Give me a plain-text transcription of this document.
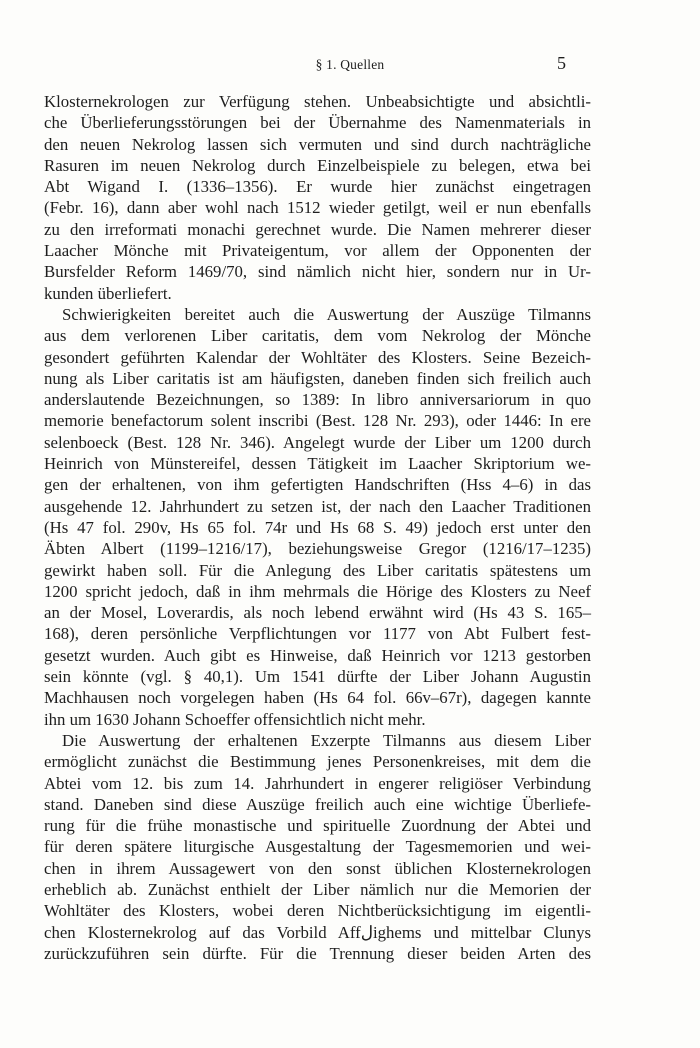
§ 1. Quellen	5
Klosternekrologen zur Verfügung stehen. Unbeabsichtigte und absichtli-
che Überlieferungsstörungen bei der Übernahme des Namenmaterials in
den neuen Nekrolog lassen sich vermuten und sind durch nachträgliche
Rasuren im neuen Nekrolog durch Einzelbeispiele zu belegen, etwa bei
Abt Wigand I. (1336–1356). Er wurde hier zunächst eingetragen
(Febr. 16), dann aber wohl nach 1512 wieder getilgt, weil er nun ebenfalls
zu den irreformati monachi gerechnet wurde. Die Namen mehrerer dieser
Laacher Mönche mit Privateigentum, vor allem der Opponenten der
Bursfelder Reform 1469/70, sind nämlich nicht hier, sondern nur in Ur-
kunden überliefert.
Schwierigkeiten bereitet auch die Auswertung der Auszüge Tilmanns
aus dem verlorenen Liber caritatis, dem vom Nekrolog der Mönche
gesondert geführten Kalendar der Wohltäter des Klosters. Seine Bezeich-
nung als Liber caritatis ist am häufigsten, daneben finden sich freilich auch
anderslautende Bezeichnungen, so 1389: In libro anniversariorum in quo
memorie benefactorum solent inscribi (Best. 128 Nr. 293), oder 1446: In ere
selenboeck (Best. 128 Nr. 346). Angelegt wurde der Liber um 1200 durch
Heinrich von Münstereifel, dessen Tätigkeit im Laacher Skriptorium we-
gen der erhaltenen, von ihm gefertigten Handschriften (Hss 4–6) in das
ausgehende 12. Jahrhundert zu setzen ist, der nach den Laacher Traditionen
(Hs 47 fol. 290v, Hs 65 fol. 74r und Hs 68 S. 49) jedoch erst unter den
Äbten Albert (1199–1216/17), beziehungsweise Gregor (1216/17–1235)
gewirkt haben soll. Für die Anlegung des Liber caritatis spätestens um
1200 spricht jedoch, daß in ihm mehrmals die Hörige des Klosters zu Neef
an der Mosel, Loverardis, als noch lebend erwähnt wird (Hs 43 S. 165–
168), deren persönliche Verpflichtungen vor 1177 von Abt Fulbert fest-
gesetzt wurden. Auch gibt es Hinweise, daß Heinrich vor 1213 gestorben
sein könnte (vgl. § 40,1). Um 1541 dürfte der Liber Johann Augustin
Machhausen noch vorgelegen haben (Hs 64 fol. 66v–67r), dagegen kannte
ihn um 1630 Johann Schoeffer offensichtlich nicht mehr.
Die Auswertung der erhaltenen Exzerpte Tilmanns aus diesem Liber
ermöglicht zunächst die Bestimmung jenes Personenkreises, mit dem die
Abtei vom 12. bis zum 14. Jahrhundert in engerer religiöser Verbindung
stand. Daneben sind diese Auszüge freilich auch eine wichtige Überliefe-
rung für die frühe monastische und spirituelle Zuordnung der Abtei und
für deren spätere liturgische Ausgestaltung der Tagesmemorien und wei-
chen in ihrem Aussagewert von den sonst üblichen Klosternekrologen
erheblich ab. Zunächst enthielt der Liber nämlich nur die Memorien der
Wohltäter des Klosters, wobei deren Nichtberücksichtigung im eigentli-
chen Klosternekrolog auf das Vorbild Affلighems und mittelbar Clunys
zurückzuführen sein dürfte. Für die Trennung dieser beiden Arten des
